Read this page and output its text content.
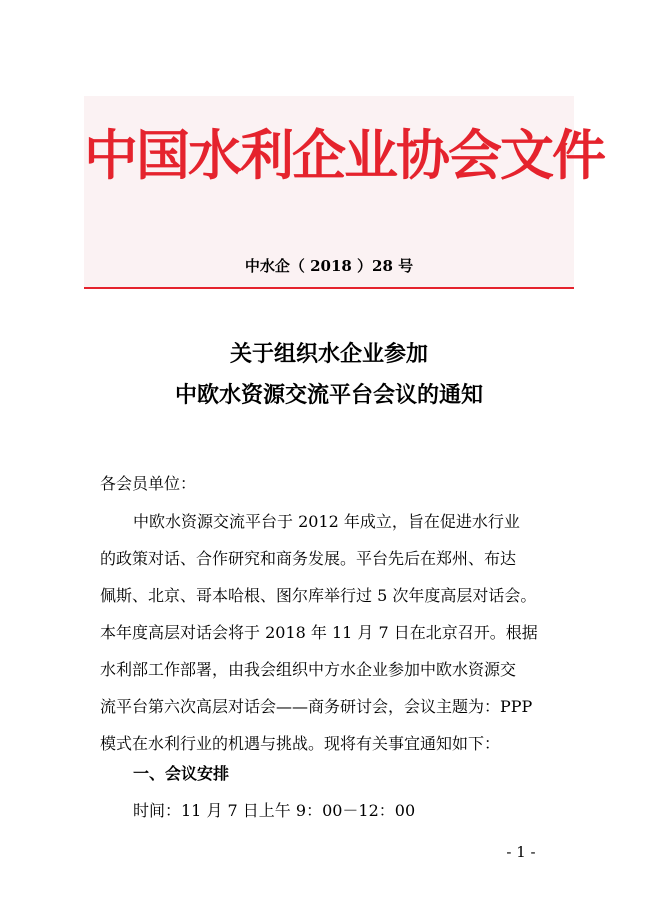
中国水利企业协会文件
中水企（ 2018 ）28 号
关于组织水企业参加
中欧水资源交流平台会议的通知
各会员单位：
中欧水资源交流平台于 2012 年成立，旨在促进水行业
的政策对话、合作研究和商务发展。平台先后在郑州、布达
佩斯、北京、哥本哈根、图尔库举行过 5 次年度高层对话会。
本年度高层对话会将于 2018 年 11 月 7 日在北京召开。根据
水利部工作部署，由我会组织中方水企业参加中欧水资源交
流平台第六次高层对话会——商务研讨会，会议主题为：PPP
模式在水利行业的机遇与挑战。现将有关事宜通知如下：
一、会议安排
时间：11 月 7 日上午 9：00－12：00
- 1 -
